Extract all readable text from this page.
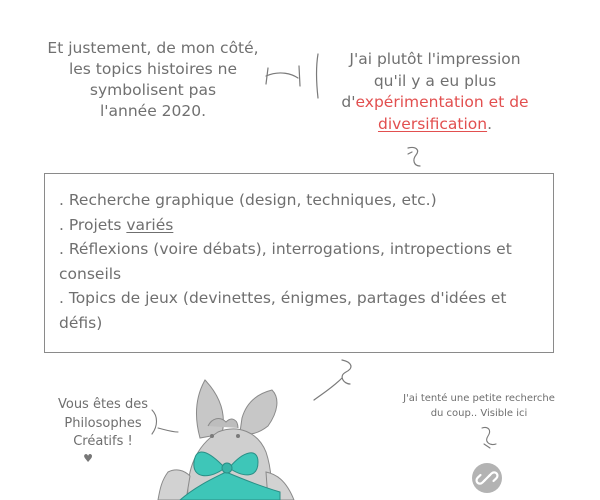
Et justement, de mon côté,
les topics histoires ne
symbolisent pas
l'année 2020.
J'ai plutôt l'impression
qu'il y a eu plus
d'expérimentation et de
diversification.

. Recherche graphique (design, techniques, etc.)

. Projets variés

. Réflexions (voire débats), interrogations, intropections et conseils

. Topics de jeux (devinettes, énigmes, partages d'idées et défis)

Vous êtes des
Philosophes
Créatifs !
♥
J'ai tenté une petite recherche
du coup.. Visible ici
